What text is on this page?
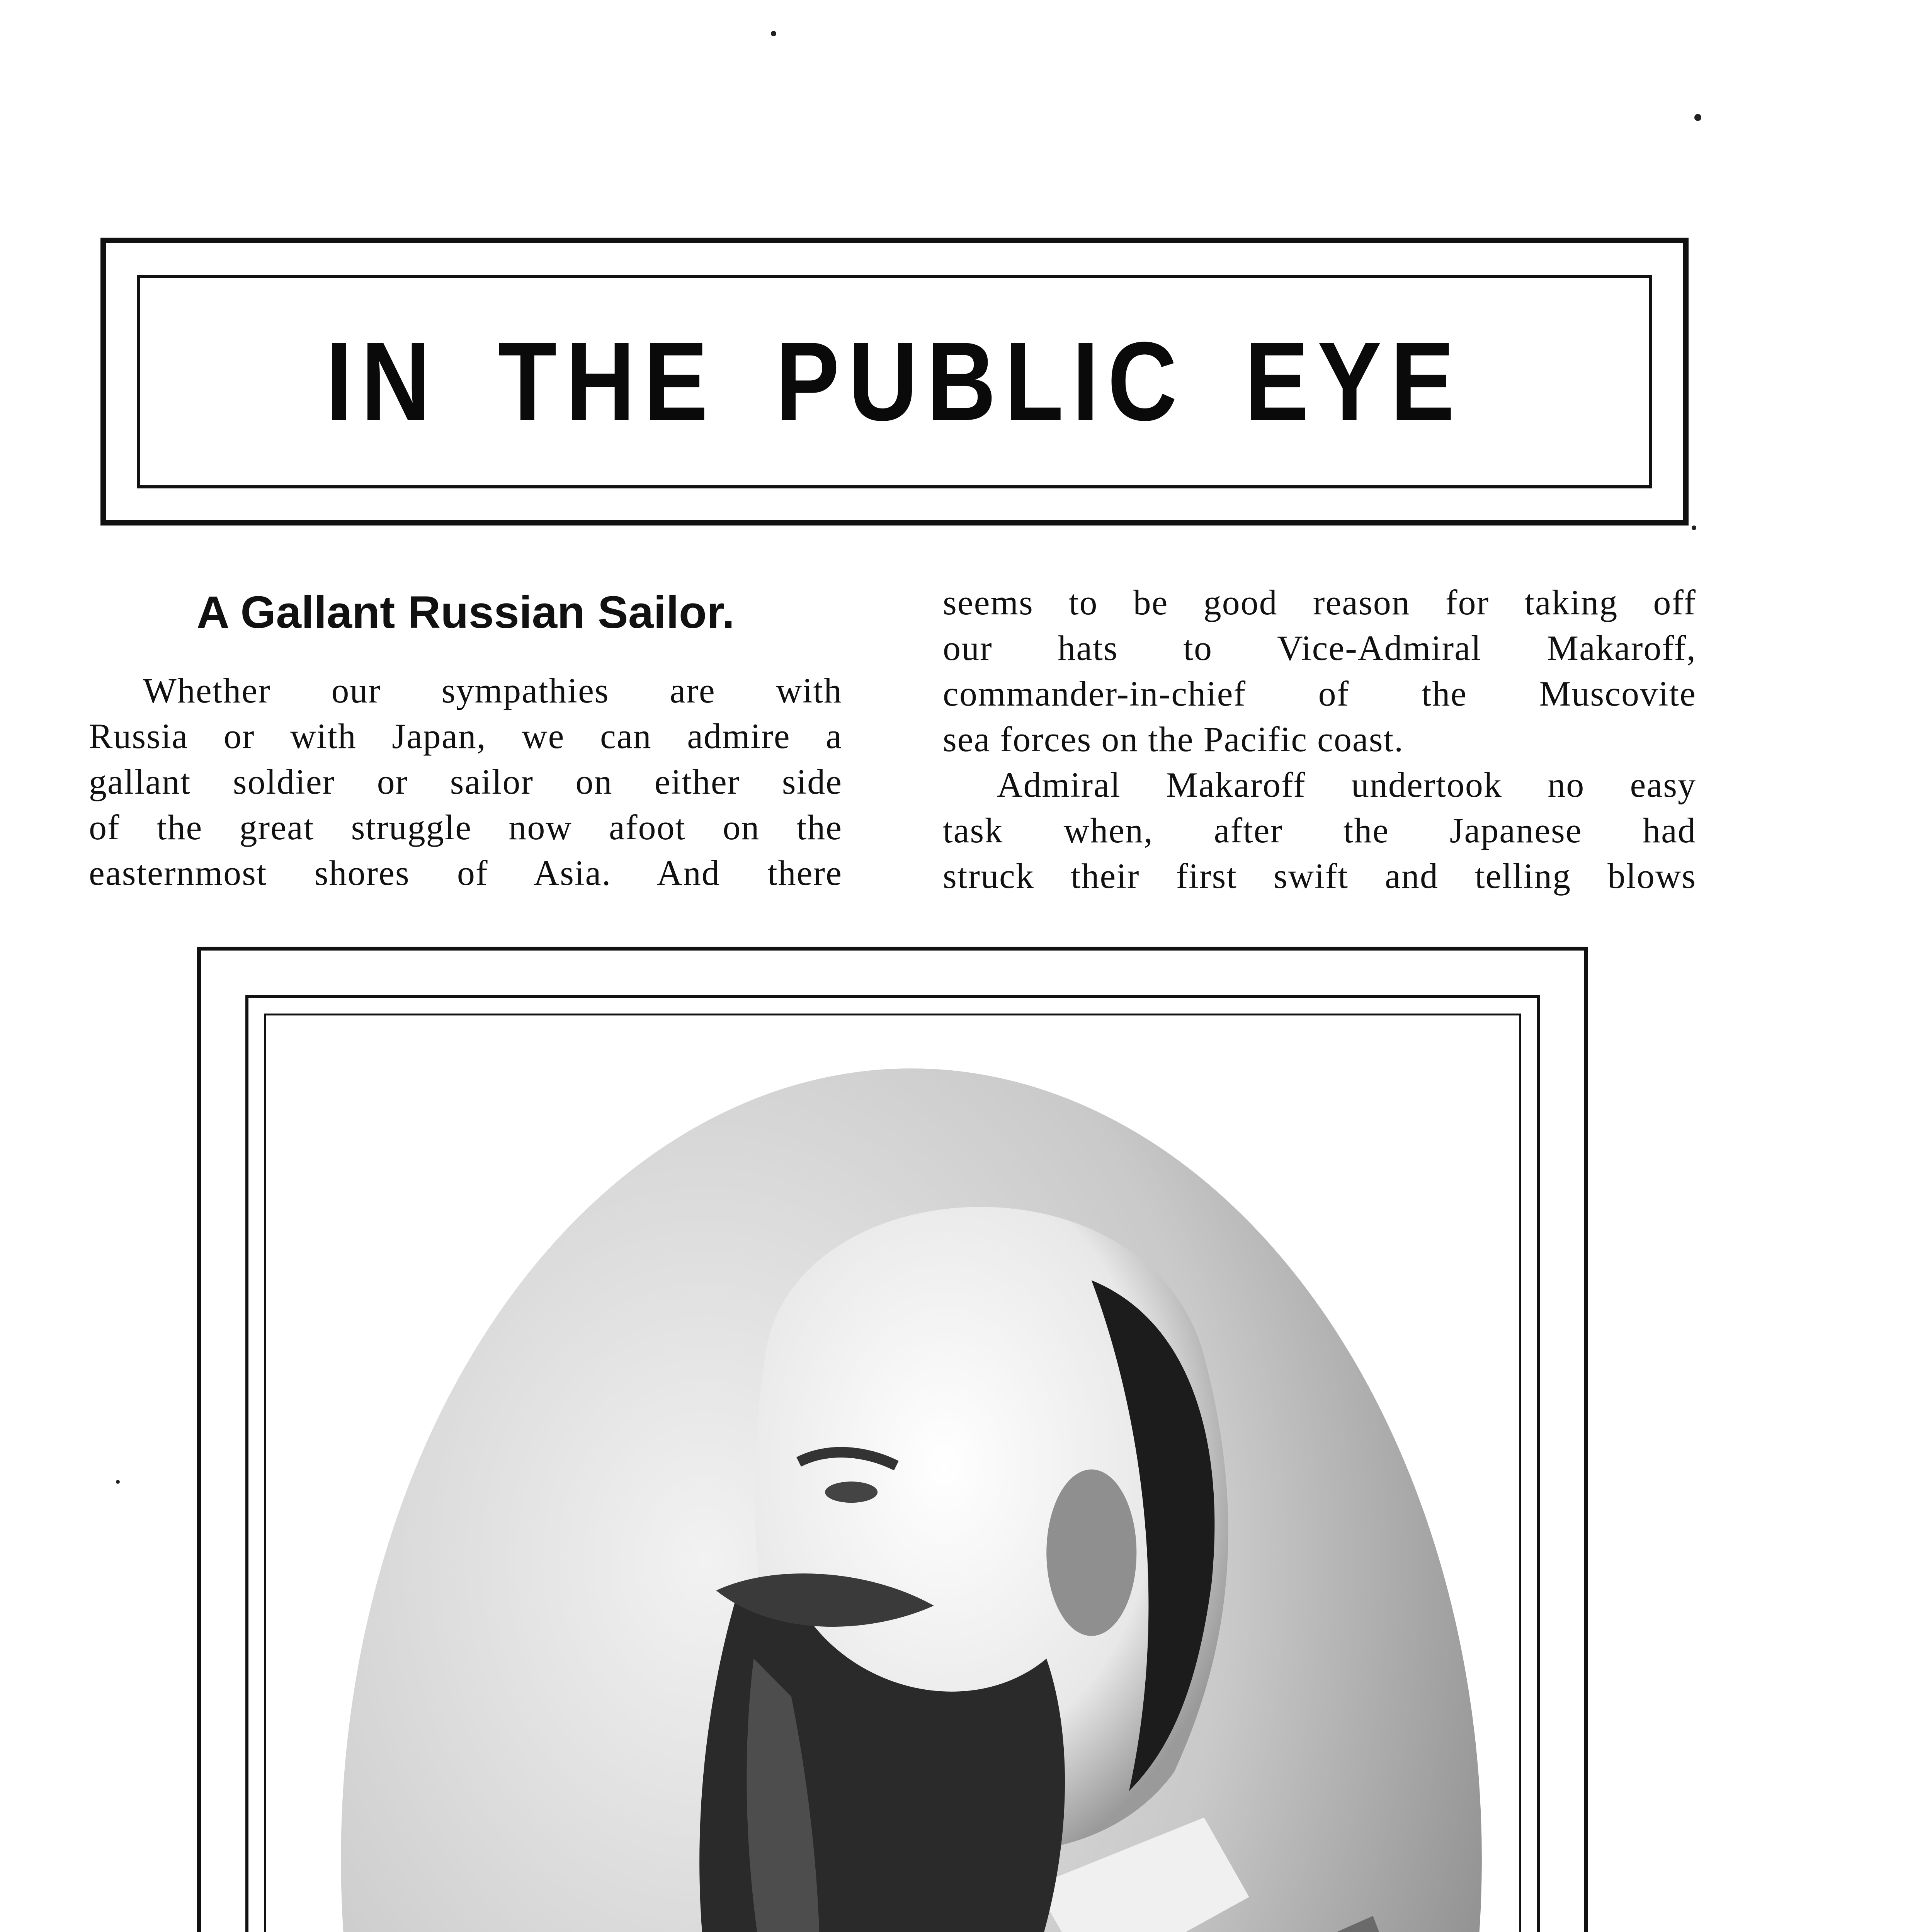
IN THE PUBLIC EYE
A Gallant Russian Sailor.
Whether our sympathies are with
Russia or with Japan, we can admire a
gallant soldier or sailor on either side
of the great struggle now afoot on the
easternmost shores of Asia. And there
seems to be good reason for taking off
our hats to Vice-Admiral Makaroff,
commander-in-chief of the Muscovite
sea forces on the Pacific coast.
Admiral Makaroff undertook no easy
task when, after the Japanese had
struck their first swift and telling blows
